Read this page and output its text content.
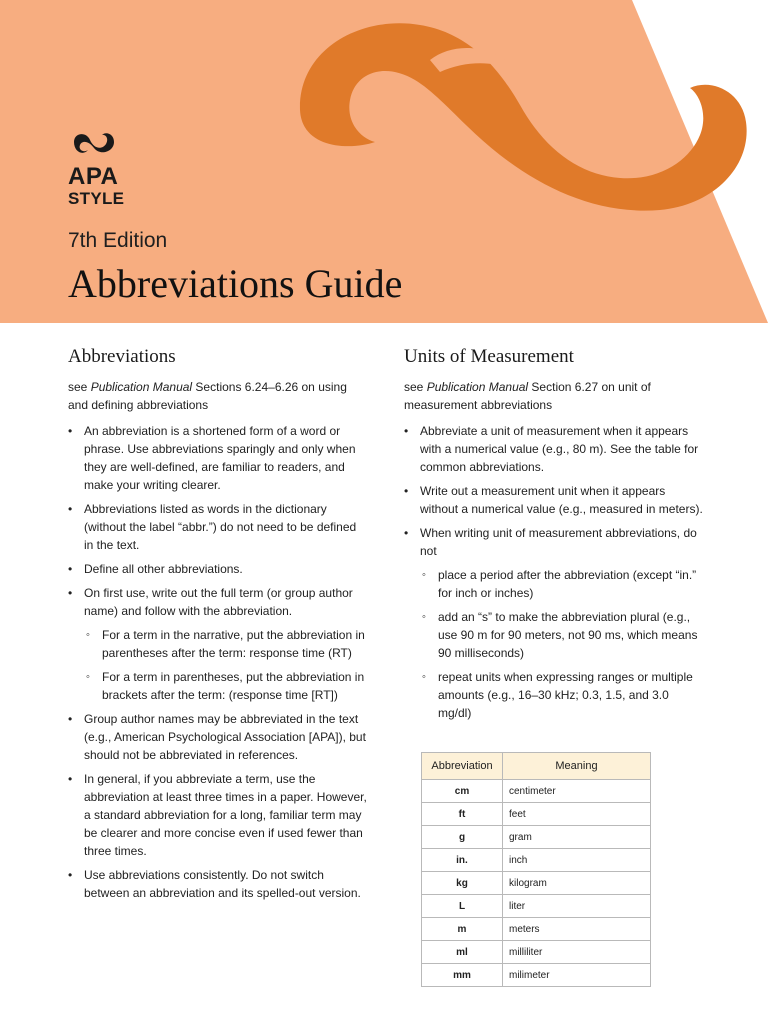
APA
STYLE
7th Edition
Abbreviations Guide
Abbreviations

see Publication Manual Sections 6.24–6.26 on using and defining abbreviations

• An abbreviation is a shortened form of a word or phrase. Use abbreviations sparingly and only when they are well-defined, are familiar to readers, and make your writing clearer.
• Abbreviations listed as words in the dictionary (without the label “abbr.”) do not need to be defined in the text.
• Define all other abbreviations.
• On first use, write out the full term (or group author name) and follow with the abbreviation.
◦ For a term in the narrative, put the abbreviation in parentheses after the term: response time (RT)
◦ For a term in parentheses, put the abbreviation in brackets after the term: (response time [RT])
• Group author names may be abbreviated in the text (e.g., American Psychological Association [APA]), but should not be abbreviated in references.
• In general, if you abbreviate a term, use the abbreviation at least three times in a paper. However, a standard abbreviation for a long, familiar term may be clearer and more concise even if used fewer than three times.
• Use abbreviations consistently. Do not switch between an abbreviation and its spelled-out version.
Units of Measurement

see Publication Manual Section 6.27 on unit of measurement abbreviations

• Abbreviate a unit of measurement when it appears with a numerical value (e.g., 80 m). See the table for common abbreviations.
• Write out a measurement unit when it appears without a numerical value (e.g., measured in meters).
• When writing unit of measurement abbreviations, do not
◦ place a period after the abbreviation (except “in.” for inch or inches)
◦ add an “s” to make the abbreviation plural (e.g., use 90 m for 90 meters, not 90 ms, which means 90 milliseconds)
◦ repeat units when expressing ranges or multiple amounts (e.g., 16–30 kHz; 0.3, 1.5, and 3.0 mg/dl)
Abbreviation	Meaning
cm	centimeter
ft	feet
g	gram
in.	inch
kg	kilogram
L	liter
m	meters
ml	milliliter
mm	milimeter
